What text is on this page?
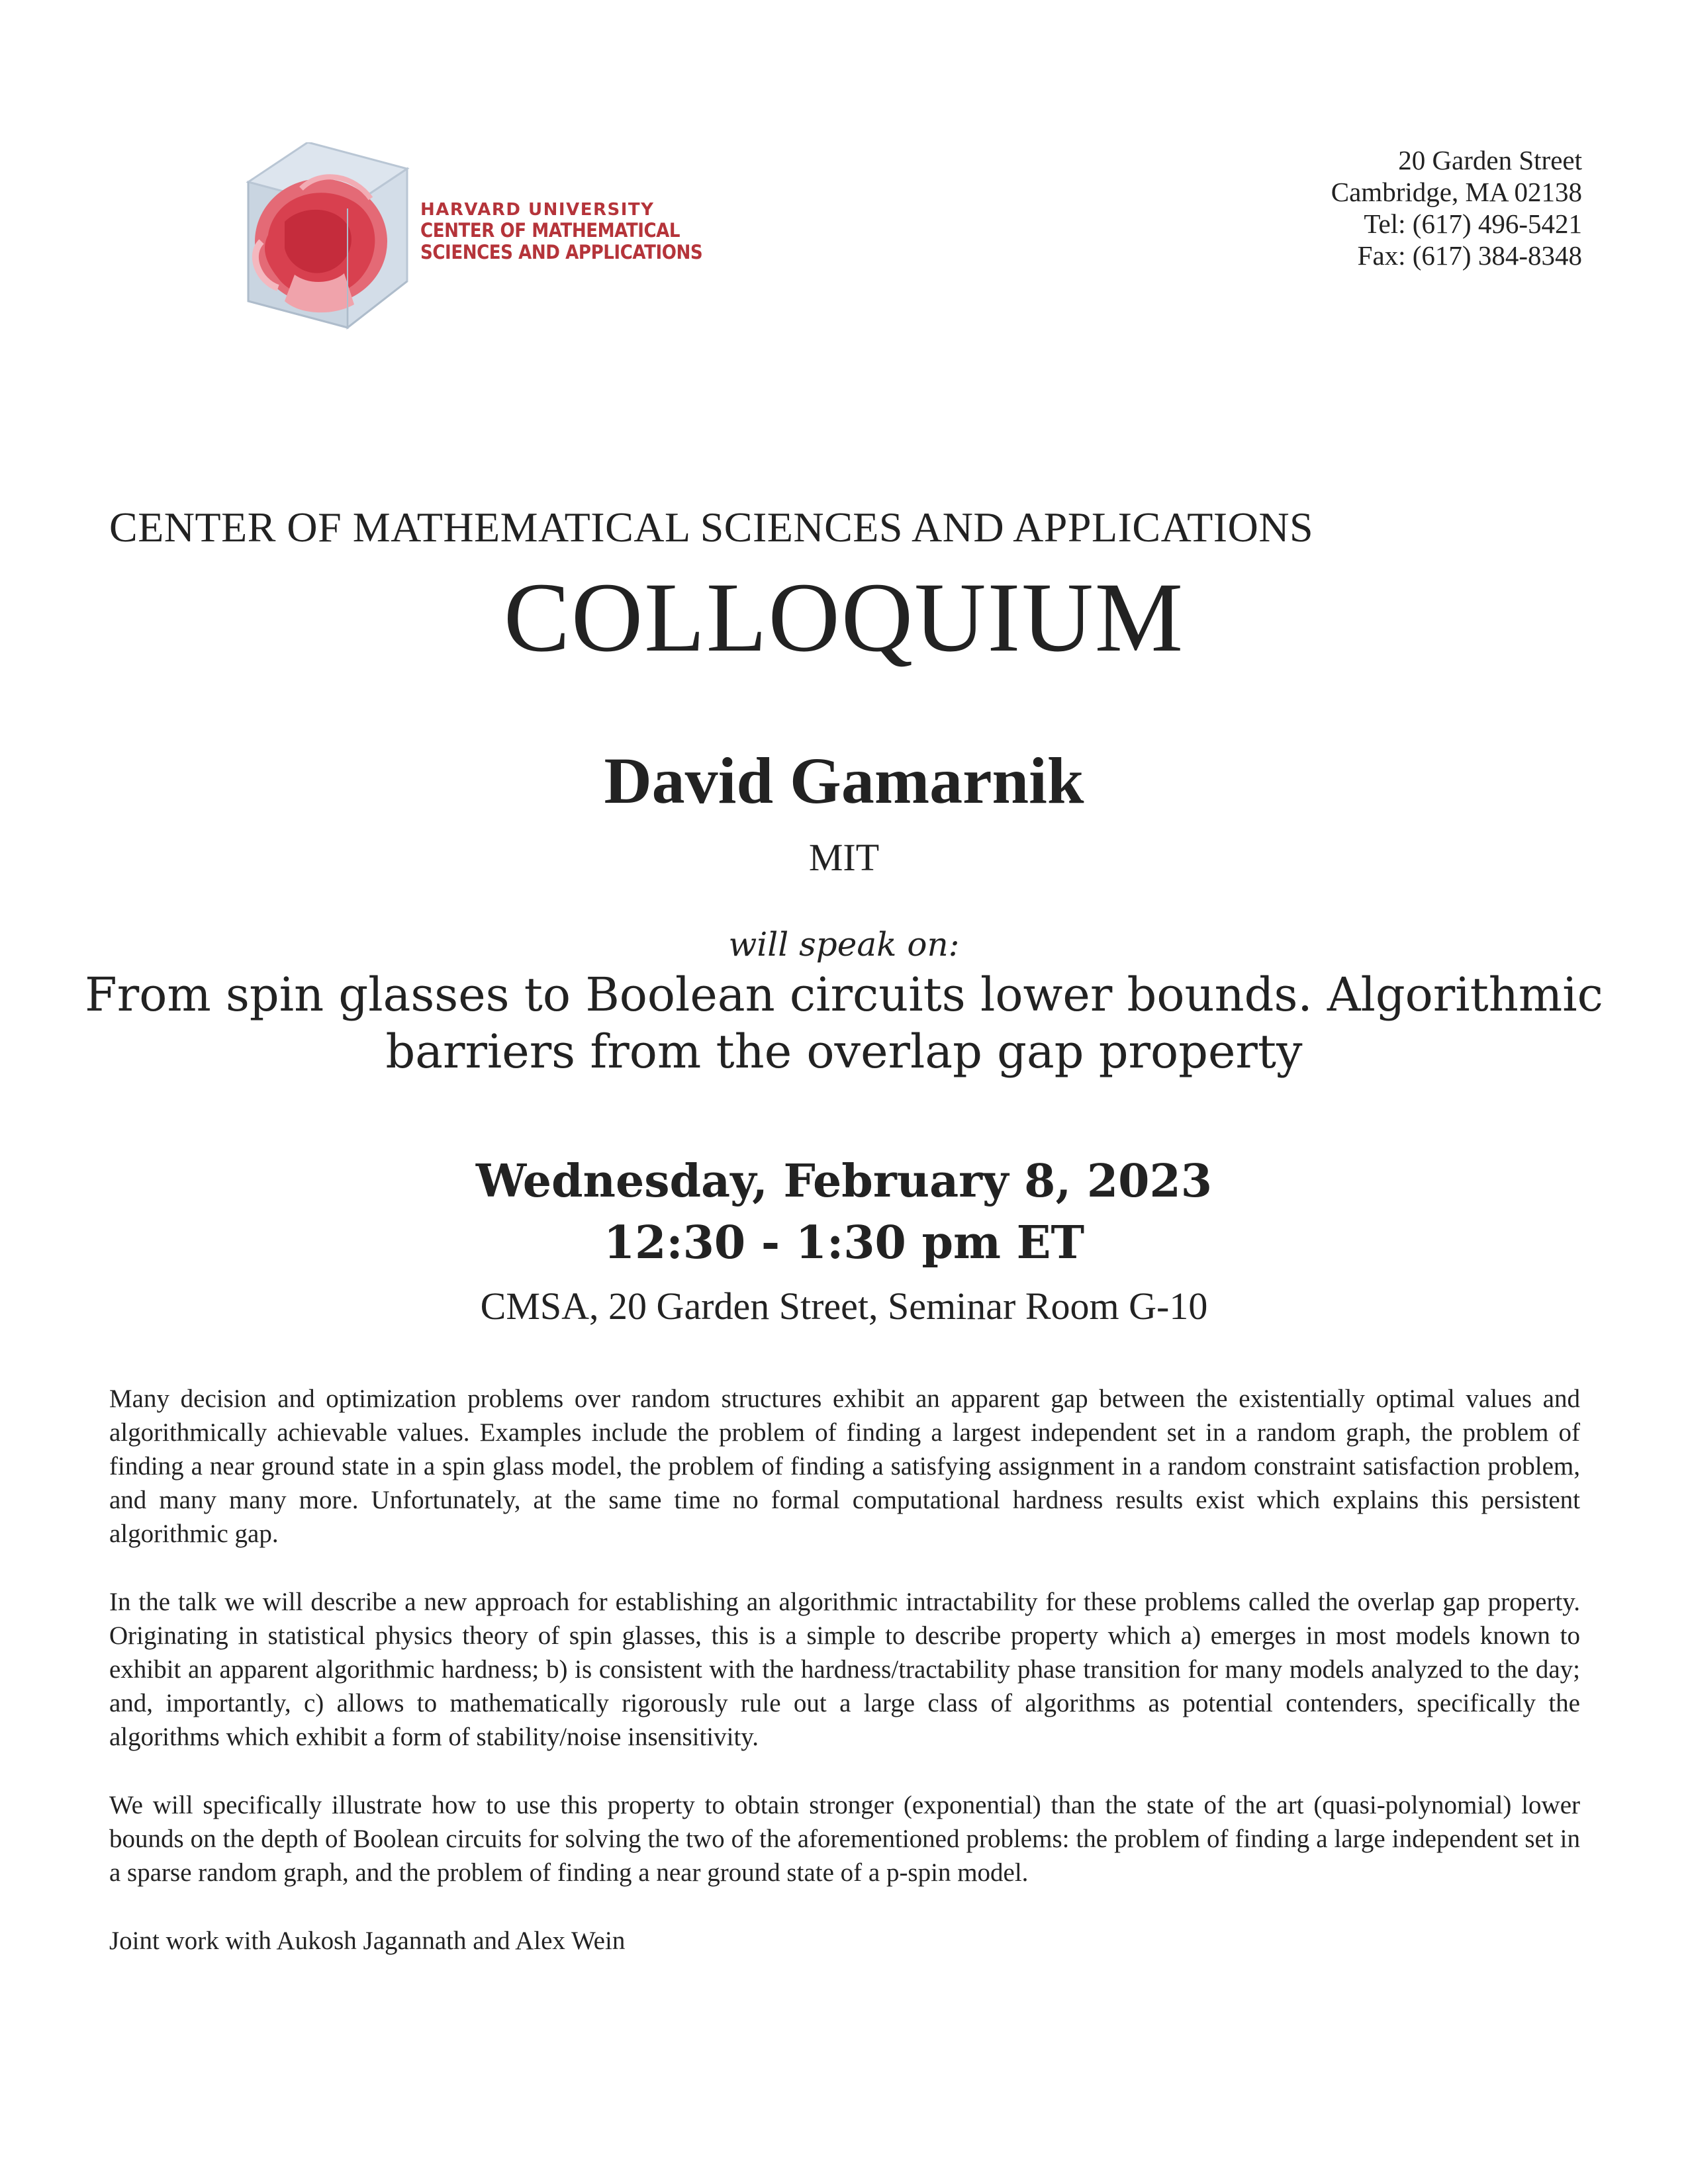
HARVARD UNIVERSITY
CENTER OF MATHEMATICAL
SCIENCES AND APPLICATIONS
20 Garden Street
Cambridge, MA 02138
Tel: (617) 496-5421
Fax: (617) 384-8348
CENTER OF MATHEMATICAL SCIENCES AND APPLICATIONS
COLLOQUIUM
David Gamarnik
MIT
will speak on:
From spin glasses to Boolean circuits lower bounds. Algorithmic barriers from the overlap gap property
Wednesday, February 8, 2023
12:30 - 1:30 pm ET
CMSA, 20 Garden Street, Seminar Room G-10

Many decision and optimization problems over random structures exhibit an apparent gap between the existentially optimal values and algorithmically achievable values. Examples include the problem of finding a largest independent set in a random graph, the problem of finding a near ground state in a spin glass model, the problem of finding a satisfying assignment in a random constraint satisfaction problem, and many many more. Unfortunately, at the same time no formal computational hardness results exist which explains this persistent algorithmic gap.

In the talk we will describe a new approach for establishing an algorithmic intractability for these problems called the overlap gap property. Originating in statistical physics theory of spin glasses, this is a simple to describe property which a) emerges in most models known to exhibit an apparent algorithmic hardness; b) is consistent with the hardness/tractability phase transition for many models analyzed to the day; and, importantly, c) allows to mathematically rigorously rule out a large class of algorithms as potential contenders, specifically the algorithms which exhibit a form of stability/noise insensitivity.

We will specifically illustrate how to use this property to obtain stronger (exponential) than the state of the art (quasi-polynomial) lower bounds on the depth of Boolean circuits for solving the two of the aforementioned problems: the problem of finding a large independent set in a sparse random graph, and the problem of finding a near ground state of a p-spin model.

Joint work with Aukosh Jagannath and Alex Wein
